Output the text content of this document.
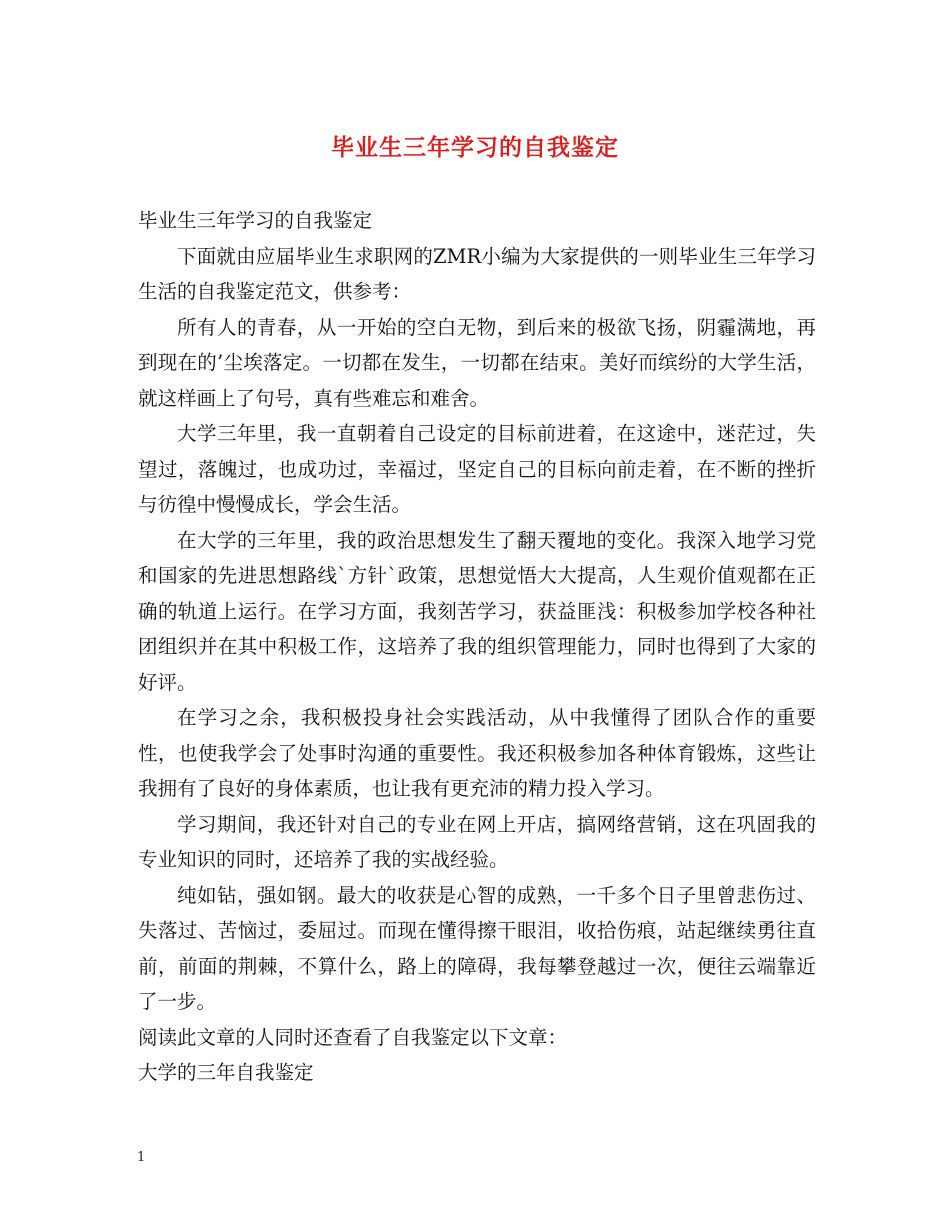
毕业生三年学习的自我鉴定

毕业生三年学习的自我鉴定

下面就由应届毕业生求职网的ZMR小编为大家提供的一则毕业生三年学习生活的自我鉴定范文，供参考：

所有人的青春，从一开始的空白无物，到后来的极欲飞扬，阴霾满地，再到现在的’尘埃落定。一切都在发生，一切都在结束。美好而缤纷的大学生活，就这样画上了句号，真有些难忘和难舍。

大学三年里，我一直朝着自己设定的目标前进着，在这途中，迷茫过，失望过，落魄过，也成功过，幸福过，坚定自己的目标向前走着，在不断的挫折与彷徨中慢慢成长，学会生活。

在大学的三年里，我的政治思想发生了翻天覆地的变化。我深入地学习党和国家的先进思想路线`方针`政策，思想觉悟大大提高，人生观价值观都在正确的轨道上运行。在学习方面，我刻苦学习，获益匪浅：积极参加学校各种社团组织并在其中积极工作，这培养了我的组织管理能力，同时也得到了大家的好评。

在学习之余，我积极投身社会实践活动，从中我懂得了团队合作的重要性，也使我学会了处事时沟通的重要性。我还积极参加各种体育锻炼，这些让我拥有了良好的身体素质，也让我有更充沛的精力投入学习。

学习期间，我还针对自己的专业在网上开店，搞网络营销，这在巩固我的专业知识的同时，还培养了我的实战经验。

纯如钻，强如钢。最大的收获是心智的成熟，一千多个日子里曾悲伤过、失落过、苦恼过，委屈过。而现在懂得擦干眼泪，收拾伤痕，站起继续勇往直前，前面的荆棘，不算什么，路上的障碍，我每攀登越过一次，便往云端靠近了一步。

阅读此文章的人同时还查看了自我鉴定以下文章：

大学的三年自我鉴定

1
